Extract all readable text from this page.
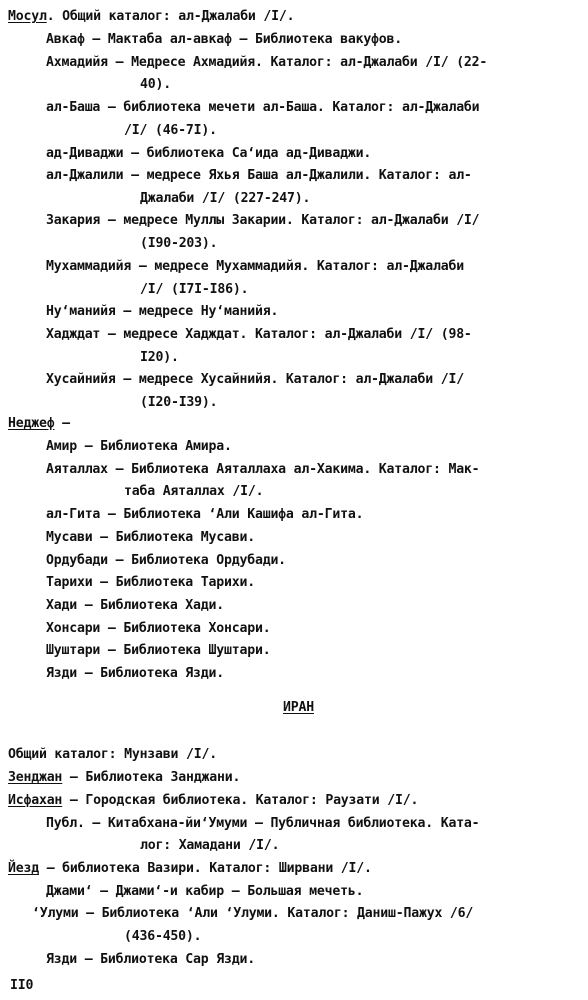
Мосул. Общий каталог: ал-Джалаби /I/.
Авкаф – Мактаба ал-авкаф – Библиотека вакуфов.
Ахмадийя – Медресе Ахмадийя. Каталог: ал-Джалаби /I/ (22-
40).
ал-Баша – библиотека мечети ал-Баша. Каталог: ал-Джалаби
/I/ (46-7I).
ад-Диваджи – библиотека Са‘ида ад-Диваджи.
ал-Джалили – медресе Яхья Баша ал-Джалили. Каталог: ал-
Джалаби /I/ (227-247).
Закария – медресе Муллы Закарии. Каталог: ал-Джалаби /I/
(I90-203).
Мухаммадийя – медресе Мухаммадийя. Каталог: ал-Джалаби
/I/ (I7I-I86).
Ну‘манийя – медресе Ну‘манийя.
Хадждат – медресе Хадждат. Каталог: ал-Джалаби /I/ (98-
I20).
Хусайнийя – медресе Хусайнийя. Каталог: ал-Джалаби /I/
(I20-I39).
Неджеф –
Амир – Библиотека Амира.
Аяталлах – Библиотека Аяталлаха ал-Хакима. Каталог: Мак-
таба Аяталлах /I/.
ал-Гита – Библиотека ‘Али Кашифа ал-Гита.
Мусави – Библиотека Мусави.
Ордубади – Библиотека Ордубади.
Тарихи – Библиотека Тарихи.
Хади – Библиотека Хади.
Хонсари – Библиотека Хонсари.
Шуштари – Библиотека Шуштари.
Язди – Библиотека Язди.
ИРАН
Общий каталог: Мунзави /I/.
Зенджан – Библиотека Занджани.
Исфахан – Городская библиотека. Каталог: Раузати /I/.
Публ. – Китабхана-йи‘Умуми – Публичная библиотека. Ката-
лог: Хамадани /I/.
Йезд – библиотека Вазири. Каталог: Ширвани /I/.
Джами‘ – Джами‘-и кабир – Большая мечеть.
‘Улуми – Библиотека ‘Али ‘Улуми. Каталог: Даниш-Пажух /6/
(436-450).
Язди – Библиотека Сар Язди.
II0
